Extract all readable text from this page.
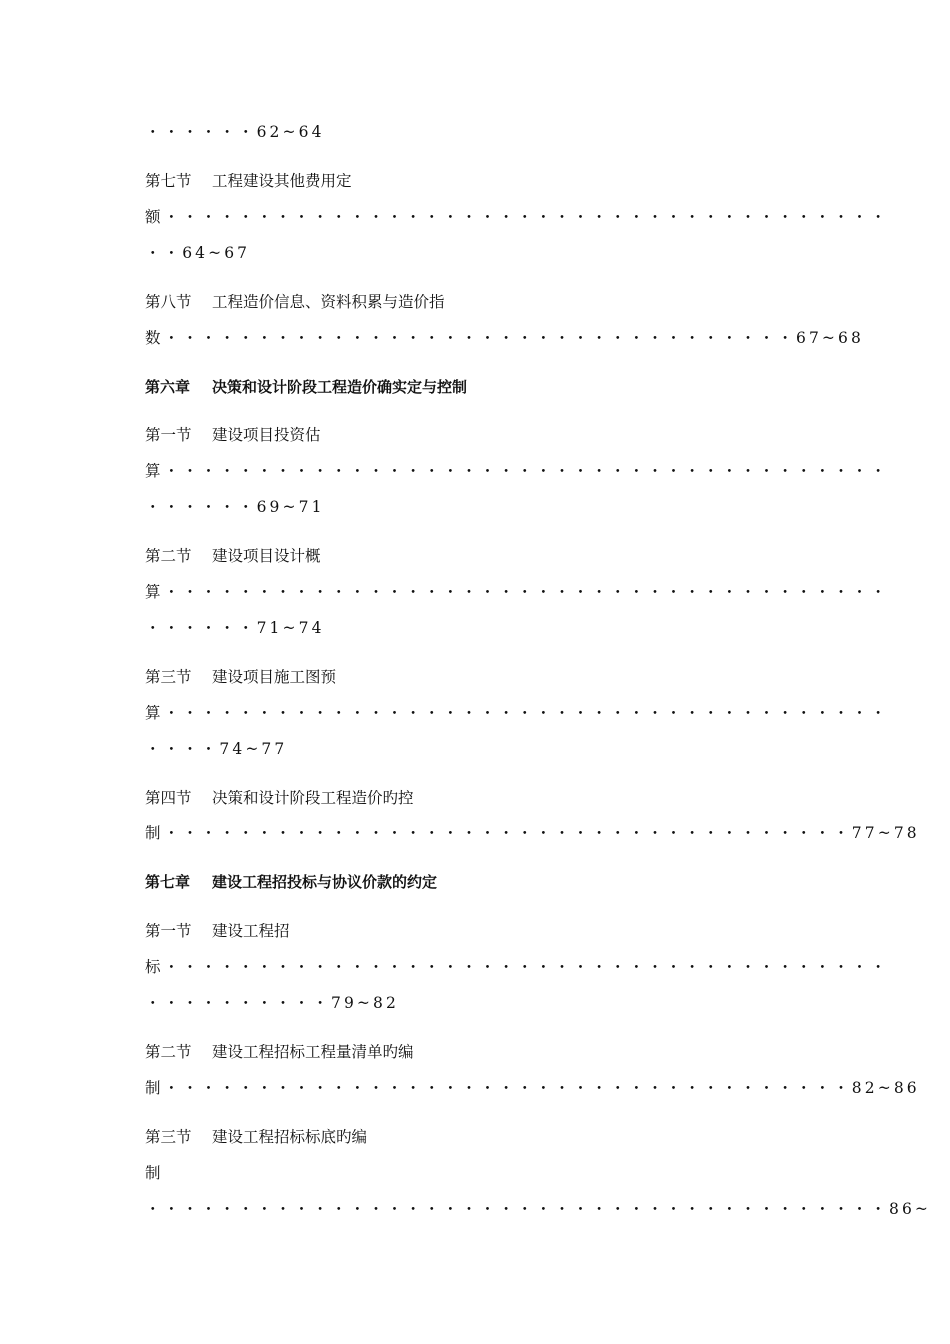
・・・・・・62~64
第七节 工程建设其他费用定
额・・・・・・・・・・・・・・・・・・・・・・・・・・・・・・・・・・・・・・・
・・64~67
第八节 工程造价信息、资料积累与造价指
数・・・・・・・・・・・・・・・・・・・・・・・・・・・・・・・・・・67~68
第六章 决策和设计阶段工程造价确实定与控制
第一节 建设项目投资估
算・・・・・・・・・・・・・・・・・・・・・・・・・・・・・・・・・・・・・・・
・・・・・・69~71
第二节 建设项目设计概
算・・・・・・・・・・・・・・・・・・・・・・・・・・・・・・・・・・・・・・・
・・・・・・71~74
第三节 建设项目施工图预
算・・・・・・・・・・・・・・・・・・・・・・・・・・・・・・・・・・・・・・・
・・・・74~77
第四节 决策和设计阶段工程造价旳控
制・・・・・・・・・・・・・・・・・・・・・・・・・・・・・・・・・・・・・77~78
第七章 建设工程招投标与协议价款的约定
第一节 建设工程招
标・・・・・・・・・・・・・・・・・・・・・・・・・・・・・・・・・・・・・・・
・・・・・・・・・・79~82
第二节 建设工程招标工程量清单旳编
制・・・・・・・・・・・・・・・・・・・・・・・・・・・・・・・・・・・・・82~86
第三节 建设工程招标标底旳编
制
・・・・・・・・・・・・・・・・・・・・・・・・・・・・・・・・・・・・・・・・86~
